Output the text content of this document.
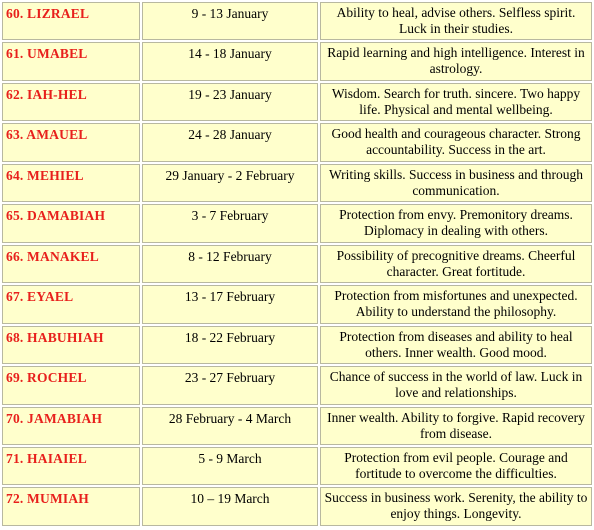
60. LIZRAEL	9 - 13 January	Ability to heal, advise others. Selfless spirit. Luck in their studies.
61. UMABEL	14 - 18 January	Rapid learning and high intelligence. Interest in astrology.
62. IAH-HEL	19 - 23 January	Wisdom. Search for truth. sincere. Two happy life. Physical and mental wellbeing.
63. AMAUEL	24 - 28 January	Good health and courageous character. Strong accountability. Success in the art.
64. MEHIEL	29 January - 2 February	Writing skills. Success in business and through communication.
65. DAMABIAH	3 - 7 February	Protection from envy. Premonitory dreams. Diplomacy in dealing with others.
66. MANAKEL	8 - 12 February	Possibility of precognitive dreams. Cheerful character. Great fortitude.
67. EYAEL	13 - 17 February	Protection from misfortunes and unexpected. Ability to understand the philosophy.
68. HABUHIAH	18 - 22 February	Protection from diseases and ability to heal others. Inner wealth. Good mood.
69. ROCHEL	23 - 27 February	Chance of success in the world of law. Luck in love and relationships.
70. JAMABIAH	28 February - 4 March	Inner wealth. Ability to forgive. Rapid recovery from disease.
71. HAIAIEL	5 - 9 March	Protection from evil people. Courage and fortitude to overcome the difficulties.
72. MUMIAH	10 – 19 March	Success in business work. Serenity, the ability to enjoy things. Longevity.
